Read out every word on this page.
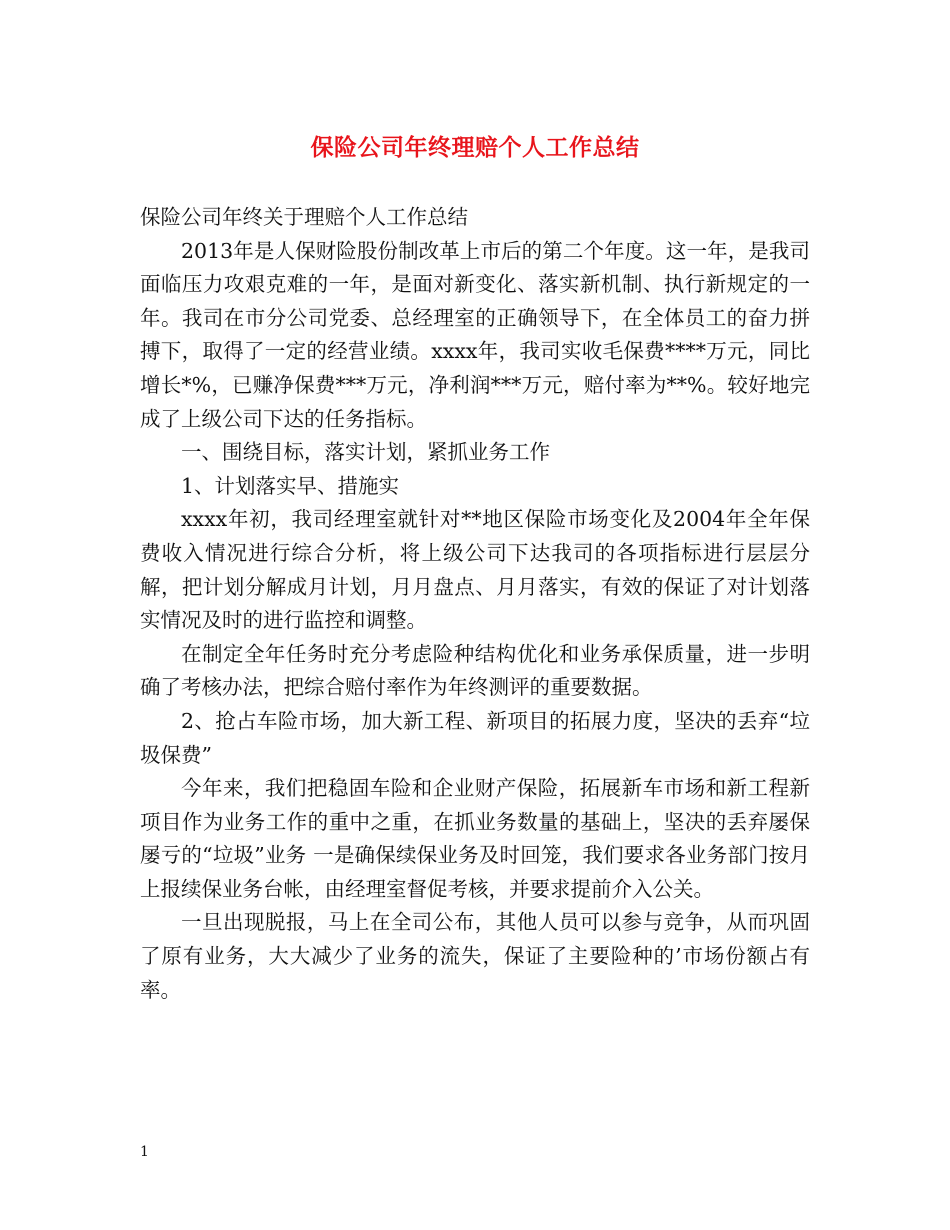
保险公司年终理赔个人工作总结

保险公司年终关于理赔个人工作总结

2013年是人保财险股份制改革上市后的第二个年度。这一年，是我司面临压力攻艰克难的一年，是面对新变化、落实新机制、执行新规定的一年。我司在市分公司党委、总经理室的正确领导下，在全体员工的奋力拼搏下，取得了一定的经营业绩。xxxx年，我司实收毛保费****万元，同比增长*%，已赚净保费***万元，净利润***万元，赔付率为**%。较好地完成了上级公司下达的任务指标。

一、围绕目标，落实计划，紧抓业务工作

1、计划落实早、措施实

xxxx年初，我司经理室就针对**地区保险市场变化及2004年全年保费收入情况进行综合分析，将上级公司下达我司的各项指标进行层层分解，把计划分解成月计划，月月盘点、月月落实，有效的保证了对计划落实情况及时的进行监控和调整。

在制定全年任务时充分考虑险种结构优化和业务承保质量，进一步明确了考核办法，把综合赔付率作为年终测评的重要数据。

2、抢占车险市场，加大新工程、新项目的拓展力度，坚决的丢弃“垃圾保费”

今年来，我们把稳固车险和企业财产保险，拓展新车市场和新工程新项目作为业务工作的重中之重，在抓业务数量的基础上，坚决的丢弃屡保屡亏的“垃圾”业务 一是确保续保业务及时回笼，我们要求各业务部门按月上报续保业务台帐，由经理室督促考核，并要求提前介入公关。

一旦出现脱报，马上在全司公布，其他人员可以参与竞争，从而巩固了原有业务，大大减少了业务的流失，保证了主要险种的’市场份额占有率。

1
